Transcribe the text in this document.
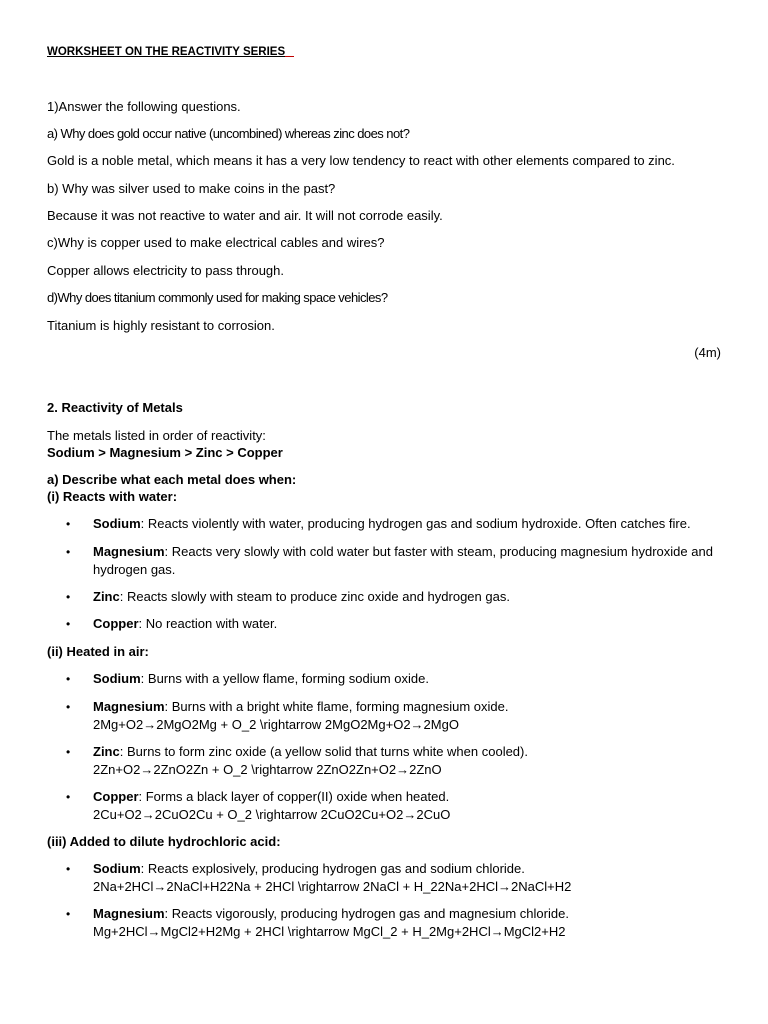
WORKSHEET ON THE REACTIVITY SERIES
1)Answer the following questions.
a) Why does gold occur native (uncombined) whereas zinc does not?
Gold is a noble metal, which means it has a very low tendency to react with other elements compared to zinc.
b) Why was silver used to make coins in the past?
Because it was not reactive to water and air. It will not corrode easily.
c)Why is copper used to make electrical cables and wires?
Copper allows electricity to pass through.
d)Why does titanium commonly used for making space vehicles?
Titanium is highly resistant to corrosion.
(4m)
2. Reactivity of Metals
The metals listed in order of reactivity:
Sodium > Magnesium > Zinc > Copper
a) Describe what each metal does when:
(i) Reacts with water:
• Sodium: Reacts violently with water, producing hydrogen gas and sodium hydroxide. Often catches fire.
• Magnesium: Reacts very slowly with cold water but faster with steam, producing magnesium hydroxide and hydrogen gas.
• Zinc: Reacts slowly with steam to produce zinc oxide and hydrogen gas.
• Copper: No reaction with water.
(ii) Heated in air:
• Sodium: Burns with a yellow flame, forming sodium oxide.
• Magnesium: Burns with a bright white flame, forming magnesium oxide.
2Mg+O2→2MgO2Mg + O_2 \rightarrow 2MgO2Mg+O2→2MgO
• Zinc: Burns to form zinc oxide (a yellow solid that turns white when cooled).
2Zn+O2→2ZnO2Zn + O_2 \rightarrow 2ZnO2Zn+O2→2ZnO
• Copper: Forms a black layer of copper(II) oxide when heated.
2Cu+O2→2CuO2Cu + O_2 \rightarrow 2CuO2Cu+O2→2CuO
(iii) Added to dilute hydrochloric acid:
• Sodium: Reacts explosively, producing hydrogen gas and sodium chloride.
2Na+2HCl→2NaCl+H22Na + 2HCl \rightarrow 2NaCl + H_22Na+2HCl→2NaCl+H2
• Magnesium: Reacts vigorously, producing hydrogen gas and magnesium chloride.
Mg+2HCl→MgCl2+H2Mg + 2HCl \rightarrow MgCl_2 + H_2Mg+2HCl→MgCl2+H2
